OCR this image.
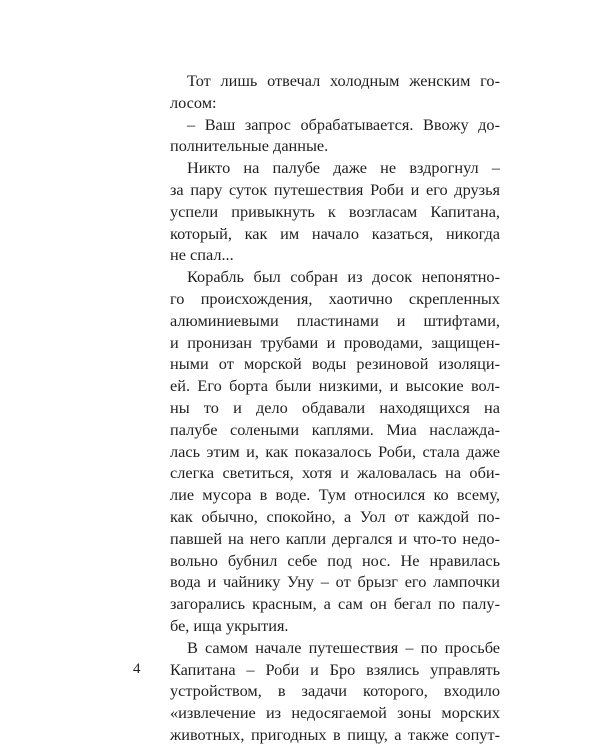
Тот лишь отвечал холодным женским го-
лосом:
– Ваш запрос обрабатывается. Ввожу до-
полнительные данные.
Никто на палубе даже не вздрогнул –
за пару суток путешествия Роби и его друзья
успели привыкнуть к возгласам Капитана,
который, как им начало казаться, никогда
не спал...
Корабль был собран из досок непонятно-
го происхождения, хаотично скрепленных
алюминиевыми пластинами и штифтами,
и пронизан трубами и проводами, защищен-
ными от морской воды резиновой изоляци-
ей. Его борта были низкими, и высокие вол-
ны то и дело обдавали находящихся на
палубе солеными каплями. Миа наслажда-
лась этим и, как показалось Роби, стала даже
слегка светиться, хотя и жаловалась на оби-
лие мусора в воде. Тум относился ко всему,
как обычно, спокойно, а Уол от каждой по-
павшей на него капли дергался и что-то недо-
вольно бубнил себе под нос. Не нравилась
вода и чайнику Уну – от брызг его лампочки
загорались красным, а сам он бегал по палу-
бе, ища укрытия.
В самом начале путешествия – по просьбе
Капитана – Роби и Бро взялись управлять
устройством, в задачи которого, входило
«извлечение из недосягаемой зоны морских
животных, пригодных в пищу, а также сопут-
4
